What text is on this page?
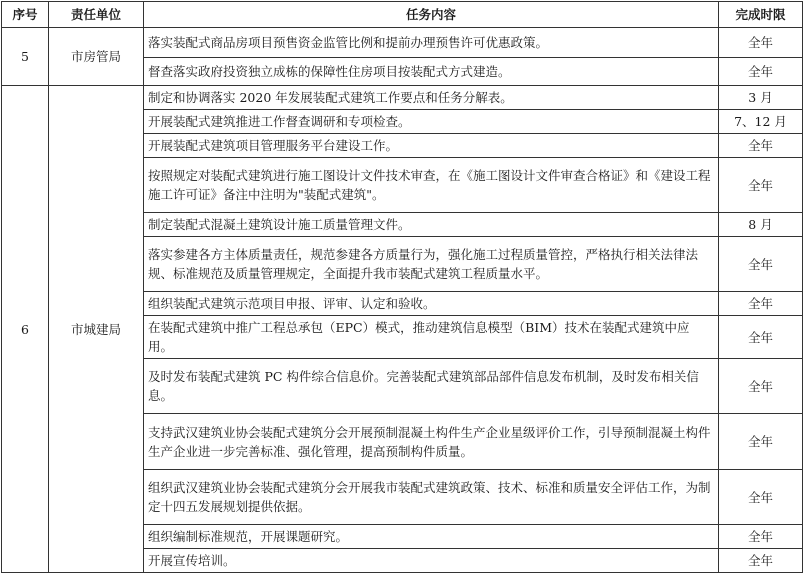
序号	责任单位	任务内容	完成时限
5	市房管局	落实装配式商品房项目预售资金监管比例和提前办理预售许可优惠政策。	全年
		督查落实政府投资独立成栋的保障性住房项目按装配式方式建造。	全年
6	市城建局	制定和协调落实 2020 年发展装配式建筑工作要点和任务分解表。	3 月
		开展装配式建筑推进工作督查调研和专项检查。	7、12 月
		开展装配式建筑项目管理服务平台建设工作。	全年
		按照规定对装配式建筑进行施工图设计文件技术审查，在《施工图设计文件审查合格证》和《建设工程施工许可证》备注中注明为"装配式建筑"。	全年
		制定装配式混凝土建筑设计施工质量管理文件。	8 月
		落实参建各方主体质量责任，规范参建各方质量行为，强化施工过程质量管控，严格执行相关法律法规、标准规范及质量管理规定，全面提升我市装配式建筑工程质量水平。	全年
		组织装配式建筑示范项目申报、评审、认定和验收。	全年
		在装配式建筑中推广工程总承包（EPC）模式，推动建筑信息模型（BIM）技术在装配式建筑中应用。	全年
		及时发布装配式建筑 PC 构件综合信息价。完善装配式建筑部品部件信息发布机制，及时发布相关信息。	全年
		支持武汉建筑业协会装配式建筑分会开展预制混凝土构件生产企业星级评价工作，引导预制混凝土构件生产企业进一步完善标准、强化管理，提高预制构件质量。	全年
		组织武汉建筑业协会装配式建筑分会开展我市装配式建筑政策、技术、标准和质量安全评估工作，为制定十四五发展规划提供依据。	全年
		组织编制标准规范，开展课题研究。	全年
		开展宣传培训。	全年
